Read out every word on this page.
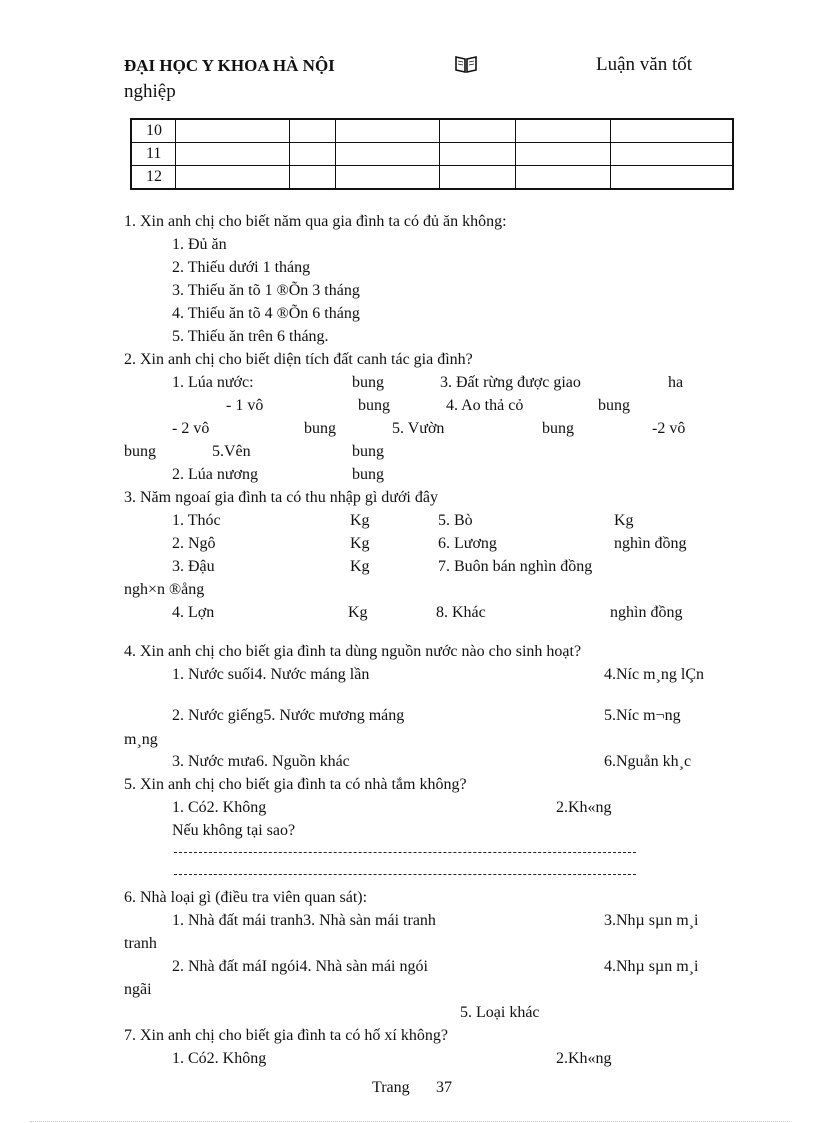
ĐẠI HỌC Y KHOA HÀ NỘI	Luận văn tốt
nghiệp
10						
11						
12						
1. Xin anh chị cho biết năm qua gia đình ta có đủ ăn không:
1. Đủ ăn
2. Thiếu dưới 1 tháng
3. Thiếu ăn tõ 1 ®Õn 3 tháng
4. Thiếu ăn tõ 4 ®Õn 6 tháng
5. Thiếu ăn trên 6 tháng.
2. Xin anh chị cho biết diện tích đất canh tác gia đình?
1. Lúa nước:	bung	3. Đất rừng được giao	ha
- 1 vô	bung	4. Ao thả cỏ	bung
- 2 vô	bung	5. Vườn	bung	-2 vô
bung	5.Vên	bung
2. Lúa nương	bung
3. Năm ngoaí gia đình ta có thu nhập gì dưới đây
1. Thóc	Kg	5. Bò	Kg
2. Ngô	Kg	6. Lương	nghìn đồng
3. Đậu	Kg	7. Buôn bán nghìn đồng
ngh×n ®ång
4. Lợn	Kg	8. Khác	nghìn đồng
4. Xin anh chị cho biết gia đình ta dùng nguồn nước nào cho sinh hoạt?
1. Nước suối4. Nước máng lần	4.Níc m¸ng lÇn
2. Nước giếng5. Nước mương máng	5.Níc m¬ng
m¸ng
3. Nước mưa6. Nguồn khác	6.Nguån kh¸c
5. Xin anh chị cho biết gia đình ta có nhà tắm không?
1. Có2. Không	2.Kh«ng
Nếu không tại sao?
6. Nhà loại gì (điều tra viên quan sát):
1. Nhà đất mái tranh3. Nhà sàn mái tranh	3.Nhµ sµn m¸i
tranh
2. Nhà đất máI ngói4. Nhà sàn mái ngói	4.Nhµ sµn m¸i
ngãi
5. Loại khác
7. Xin anh chị cho biết gia đình ta có hố xí không?
1. Có2. Không	2.Kh«ng
Trang 37
